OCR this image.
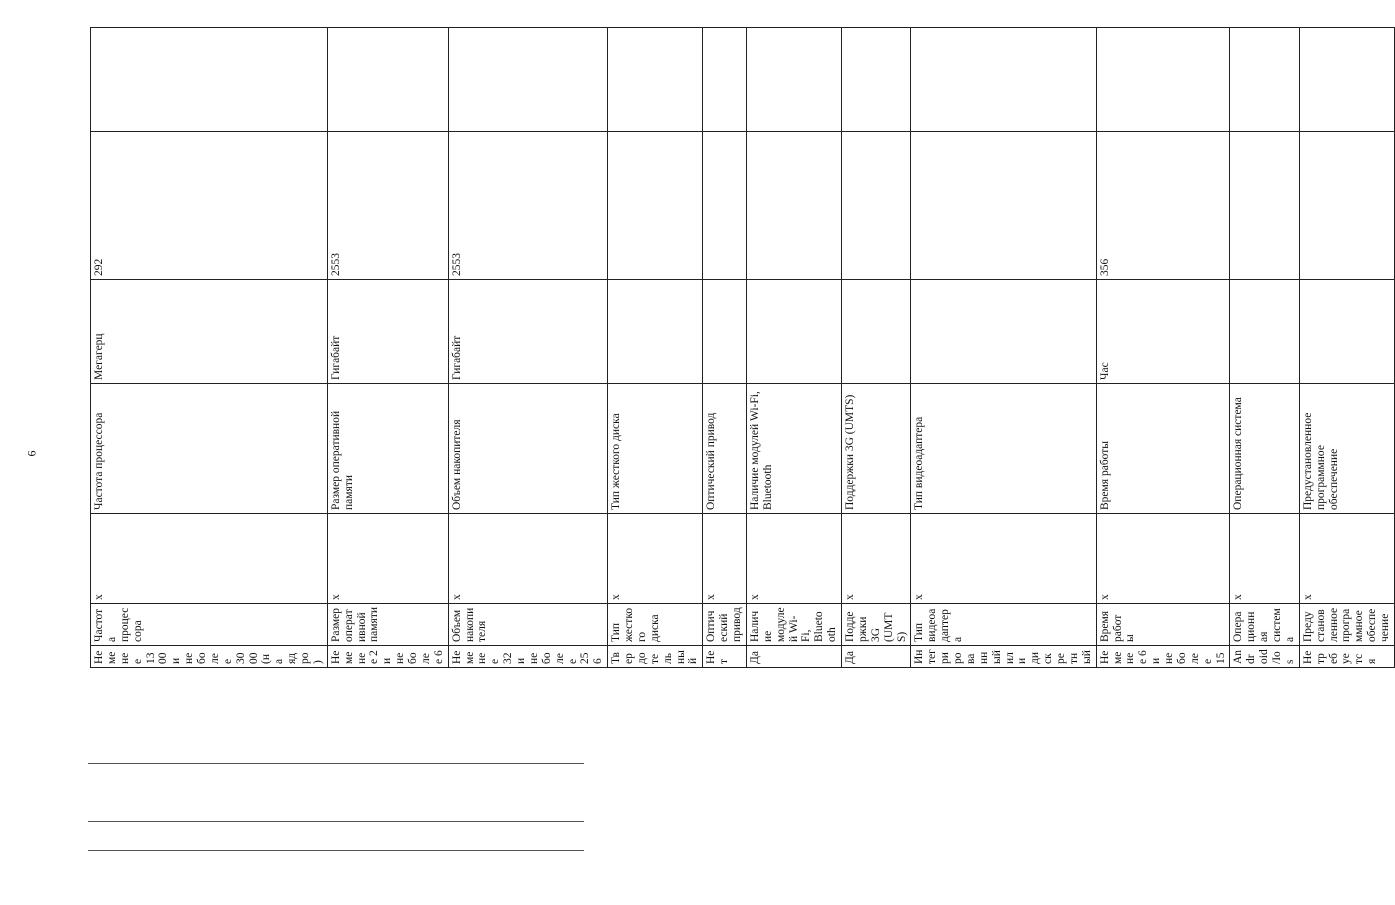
6
Не менее 1300 и не более 3000 (на ядро)	Частота процессора	x	Частота процессора	Мегагерц	292	
Не менее 2 и не более 6	Размер оперативной памяти	x	Размер оперативной памяти	Гигабайт	2553	
Не менее 32 и не более 256	Объем накопителя	x	Объем накопителя	Гигабайт	2553	
Твердотельный	Тип жесткого диска	x	Тип жесткого диска			
Нет	Оптический привод	x	Оптический привод			
Да	Наличие модулей Wi-Fi, Bluetooth	x	Наличие модулей Wi-Fi, Bluetooth			
Да	Поддержки 3G (UMTS)	x	Поддержки 3G (UMTS)			
Интегрированный или дискретный	Тип видеоадаптера	x	Тип видеоадаптера			
Не менее 6 и не более 15	Время работы	x	Время работы	Час	356	
Android/Ios	Операционная система	x	Операционная система			
Не требуется	Предустановленное программное обеспечение	x	Предустановленное программное обеспечение			
